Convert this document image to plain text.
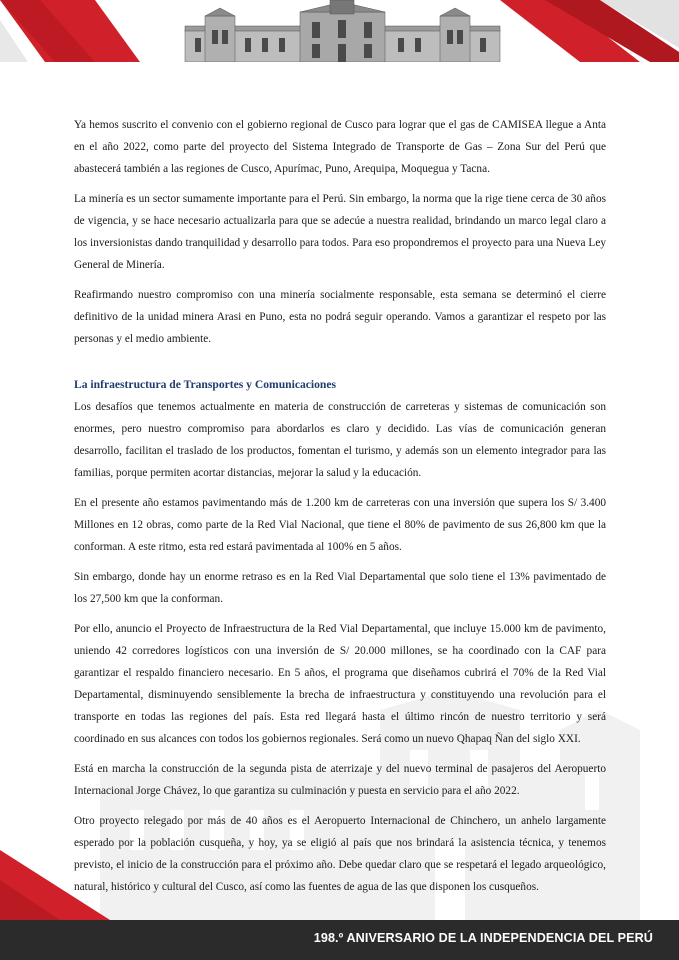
Ya hemos suscrito el convenio con el gobierno regional de Cusco para lograr que el gas de CAMISEA llegue a Anta en el año 2022, como parte del proyecto del Sistema Integrado de Transporte de Gas – Zona Sur del Perú que abastecerá también a las regiones de Cusco, Apurímac, Puno, Arequipa, Moquegua y Tacna.

La minería es un sector sumamente importante para el Perú. Sin embargo, la norma que la rige tiene cerca de 30 años de vigencia, y se hace necesario actualizarla para que se adecúe a nuestra realidad, brindando un marco legal claro a los inversionistas dando tranquilidad y desarrollo para todos. Para eso propondremos el proyecto para una Nueva Ley General de Minería.

Reafirmando nuestro compromiso con una minería socialmente responsable, esta semana se determinó el cierre definitivo de la unidad minera Arasi en Puno, esta no podrá seguir operando. Vamos a garantizar el respeto por las personas y el medio ambiente.

La infraestructura de Transportes y Comunicaciones

Los desafíos que tenemos actualmente en materia de construcción de carreteras y sistemas de comunicación son enormes, pero nuestro compromiso para abordarlos es claro y decidido. Las vías de comunicación generan desarrollo, facilitan el traslado de los productos, fomentan el turismo, y además son un elemento integrador para las familias, porque permiten acortar distancias, mejorar la salud y la educación.

En el presente año estamos pavimentando más de 1.200 km de carreteras con una inversión que supera los S/ 3.400 Millones en 12 obras, como parte de la Red Vial Nacional, que tiene el 80% de pavimento de sus 26,800 km que la conforman. A este ritmo, esta red estará pavimentada al 100% en 5 años.

Sin embargo, donde hay un enorme retraso es en la Red Vial Departamental que solo tiene el 13% pavimentado de los 27,500 km que la conforman.

Por ello, anuncio el Proyecto de Infraestructura de la Red Vial Departamental, que incluye 15.000 km de pavimento, uniendo 42 corredores logísticos con una inversión de S/ 20.000 millones, se ha coordinado con la CAF para garantizar el respaldo financiero necesario. En 5 años, el programa que diseñamos cubrirá el 70% de la Red Vial Departamental, disminuyendo sensiblemente la brecha de infraestructura y constituyendo una revolución para el transporte en todas las regiones del país. Esta red llegará hasta el último rincón de nuestro territorio y será coordinado en sus alcances con todos los gobiernos regionales. Será como un nuevo Qhapaq Ñan del siglo XXI.

Está en marcha la construcción de la segunda pista de aterrizaje y del nuevo terminal de pasajeros del Aeropuerto Internacional Jorge Chávez, lo que garantiza su culminación y puesta en servicio para el año 2022.

Otro proyecto relegado por más de 40 años es el Aeropuerto Internacional de Chinchero, un anhelo largamente esperado por la población cusqueña, y hoy, ya se eligió al país que nos brindará la asistencia técnica, y tenemos previsto, el inicio de la construcción para el próximo año. Debe quedar claro que se respetará el legado arqueológico, natural, histórico y cultural del Cusco, así como las fuentes de agua de las que disponen los cusqueños.

198.º ANIVERSARIO DE LA INDEPENDENCIA DEL PERÚ
